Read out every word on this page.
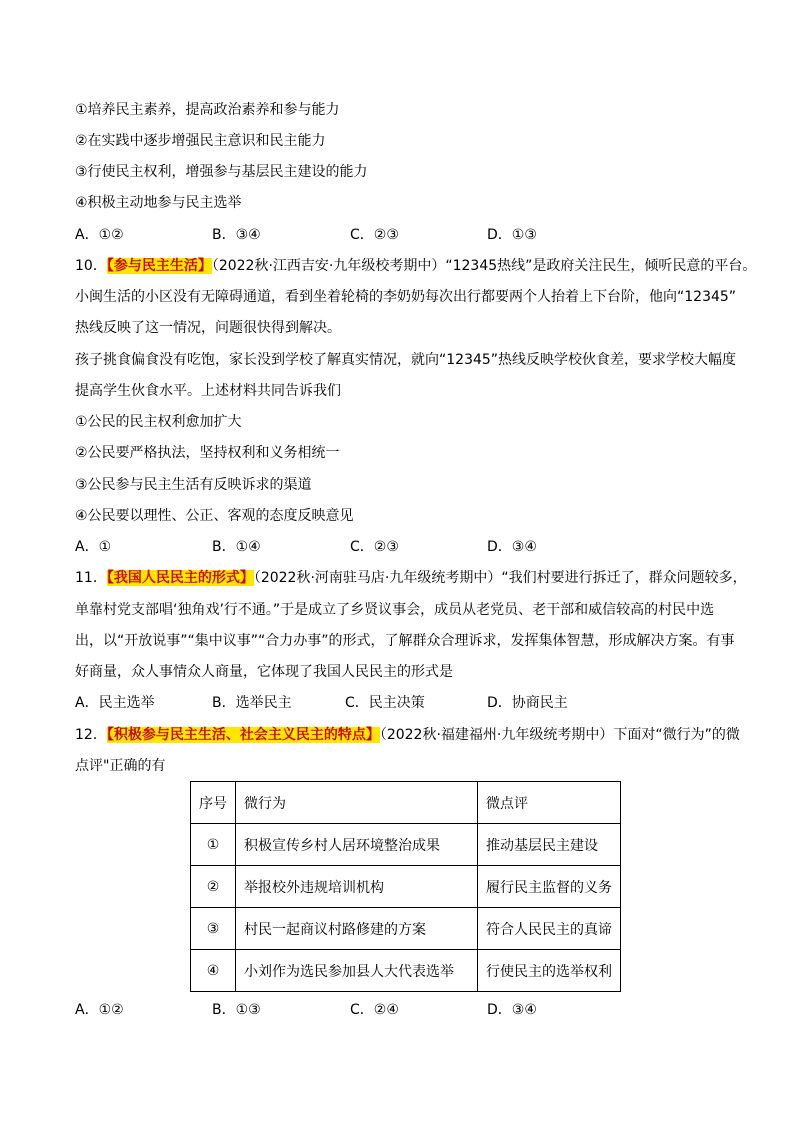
①培养民主素养，提高政治素养和参与能力
②在实践中逐步增强民主意识和民主能力
③行使民主权利，增强参与基层民主建设的能力
④积极主动地参与民主选举
A．①②	B．③④	C．②③	D．①③
10．【参与民主生活】（2022秋·江西吉安·九年级校考期中）“12345热线”是政府关注民生，倾听民意的平台。
小闽生活的小区没有无障碍通道，看到坐着轮椅的李奶奶每次出行都要两个人抬着上下台阶，他向“12345”
热线反映了这一情况，问题很快得到解决。
孩子挑食偏食没有吃饱，家长没到学校了解真实情况，就向“12345”热线反映学校伙食差，要求学校大幅度
提高学生伙食水平。上述材料共同告诉我们
①公民的民主权利愈加扩大
②公民要严格执法，坚持权利和义务相统一
③公民参与民主生活有反映诉求的渠道
④公民要以理性、公正、客观的态度反映意见
A．①	B．①④	C．②③	D．③④
11．【我国人民民主的形式】（2022秋·河南驻马店·九年级统考期中）“我们村要进行拆迁了，群众问题较多，
单靠村党支部唱‘独角戏’行不通。”于是成立了乡贤议事会，成员从老党员、老干部和威信较高的村民中选
出，以“开放说事”“集中议事”“合力办事”的形式，了解群众合理诉求，发挥集体智慧，形成解决方案。有事
好商量，众人事情众人商量，它体现了我国人民民主的形式是
A．民主选举	B．选举民主	C．民主决策	D．协商民主
12．【积极参与民主生活、社会主义民主的特点】（2022秋·福建福州·九年级统考期中）下面对“微行为”的微
点评"正确的有
序号	微行为	微点评
①	积极宣传乡村人居环境整治成果	推动基层民主建设
②	举报校外违规培训机构	履行民主监督的义务
③	村民一起商议村路修建的方案	符合人民民主的真谛
④	小刘作为选民参加县人大代表选举	行使民主的选举权利
A．①②	B．①③	C．②④	D．③④
